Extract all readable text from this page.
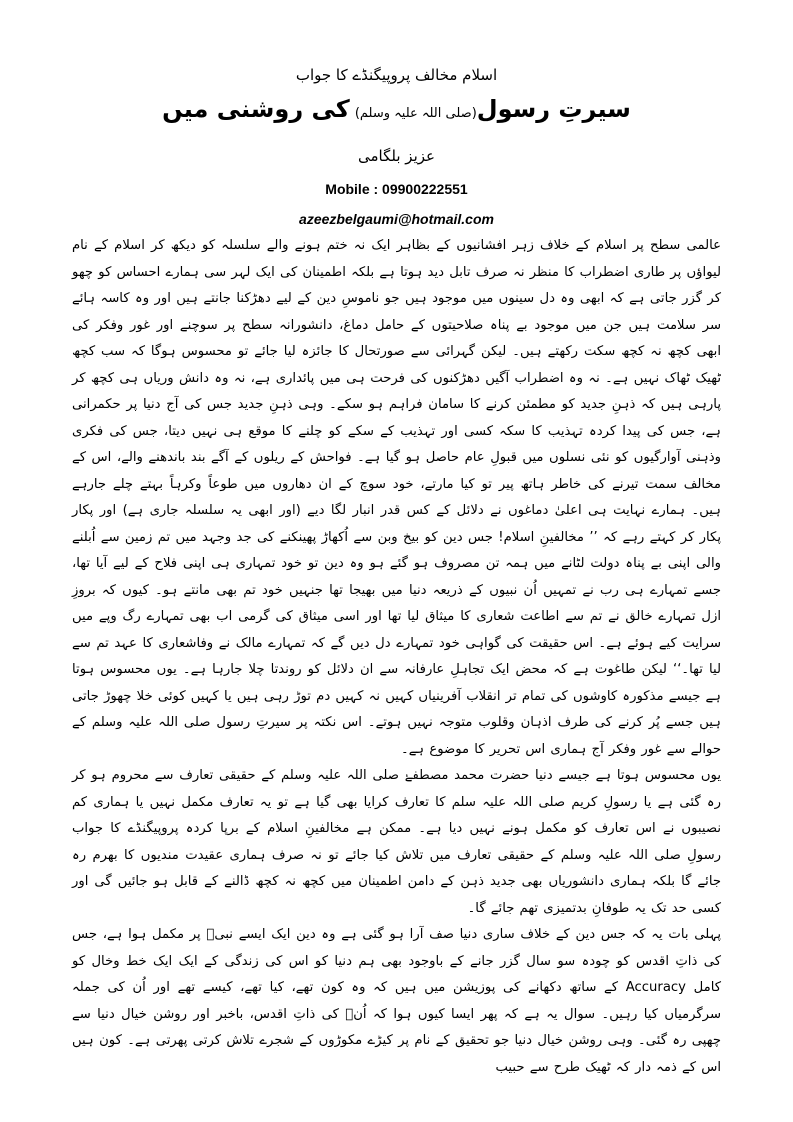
اسلام مخالف پروپیگنڈے کا جواب
سیرتِ رسول(صلی اللہ علیہ وسلم) کی روشنی میں
عزیز بلگامی
Mobile : 09900222551
azeezbelgaumi@hotmail.com

عالمی سطح پر اسلام کے خلاف زہر افشانیوں کے بظاہر ایک نہ ختم ہونے والے سلسلہ کو دیکھ کر اسلام کے نام لیواؤں پر طاری اضطراب کا منظر نہ صرف تابل دید ہوتا ہے بلکہ اطمینان کی ایک لہر سی ہمارے احساس کو چھو کر گزر جاتی ہے کہ ابھی وہ دل سینوں میں موجود ہیں جو ناموسِ دین کے لیے دھڑکنا جانتے ہیں اور وہ کاسہ ہائے سر سلامت ہیں جن میں موجود بے پناہ صلاحیتوں کے حامل دماغ، دانشورانہ سطح پر سوچنے اور غور وفکر کی ابھی کچھ نہ کچھ سکت رکھتے ہیں۔ لیکن گہرائی سے صورتحال کا جائزہ لیا جائے تو محسوس ہوگا کہ سب کچھ ٹھیک ٹھاک نہیں ہے۔ نہ وہ اضطراب آگیں دھڑکنوں کی فرحت ہی میں پائداری ہے، نہ وہ دانش وریاں ہی کچھ کر پارہی ہیں کہ ذہنِ جدید کو مطمئن کرنے کا سامان فراہم ہو سکے۔ وہی ذہنِ جدید جس کی آج دنیا پر حکمرانی ہے، جس کی پیدا کردہ تہذیب کا سکہ کسی اور تہذیب کے سکے کو چلنے کا موقع ہی نہیں دیتا، جس کی فکری وذہنی آوارگیوں کو نئی نسلوں میں قبولِ عام حاصل ہو گیا ہے۔ فواحش کے ریلوں کے آگے بند باندھنے والے، اس کے مخالف سمت تیرنے کی خاطر ہاتھ پیر تو کیا مارتے، خود سوچ کے ان دھاروں میں طوعاً وکرہاً بہتے چلے جارہے ہیں۔ ہمارے نہایت ہی اعلیٰ دماغوں نے دلائل کے کس قدر انبار لگا دیے (اور ابھی یہ سلسلہ جاری ہے) اور پکار پکار کر کہتے رہے کہ ’’ مخالفینِ اسلام! جس دین کو بیخ وبن سے اُکھاڑ پھینکنے کی جد وجہد میں تم زمین سے اُبلنے والی اپنی بے پناہ دولت لٹانے میں ہمہ تن مصروف ہو گئے ہو وہ دین تو خود تمہاری ہی اپنی فلاح کے لیے آیا تھا، جسے تمہارے ہی رب نے تمہیں اُن نبیوں کے ذریعہ دنیا میں بھیجا تھا جنہیں خود تم بھی مانتے ہو۔ کیوں کہ بروزِ ازل تمہارے خالق نے تم سے اطاعت شعاری کا میثاق لیا تھا اور اسی میثاق کی گرمی اب بھی تمہارے رگ وپے میں سرایت کیے ہوئے ہے۔ اس حقیقت کی گواہی خود تمہارے دل دیں گے کہ تمہارے مالک نے وفاشعاری کا عہد تم سے لیا تھا۔‘‘ لیکن طاغوت ہے کہ محض ایک تجاہلِ عارفانہ سے ان دلائل کو روندتا چلا جارہا ہے۔ یوں محسوس ہوتا ہے جیسے مذکورہ کاوشوں کی تمام تر انقلاب آفرینیاں کہیں نہ کہیں دم توڑ رہی ہیں یا کہیں کوئی خلا چھوڑ جاتی ہیں جسے پُر کرنے کی طرف اذہان وقلوب متوجہ نہیں ہوتے۔ اس نکتہ پر سیرتِ رسول صلی اللہ علیہ وسلم کے حوالے سے غور وفکر آج ہماری اس تحریر کا موضوع ہے۔

یوں محسوس ہوتا ہے جیسے دنیا حضرت محمد مصطفےٰ صلی اللہ علیہ وسلم کے حقیقی تعارف سے محروم ہو کر رہ گئی ہے یا رسولِ کریم صلی اللہ علیہ سلم کا تعارف کرایا بھی گیا ہے تو یہ تعارف مکمل نہیں یا ہماری کم نصیبوں نے اس تعارف کو مکمل ہونے نہیں دیا ہے۔ ممکن ہے مخالفینِ اسلام کے برپا کردہ پروپیگنڈے کا جواب رسولِ صلی اللہ علیہ وسلم کے حقیقی تعارف میں تلاش کیا جائے تو نہ صرف ہماری عقیدت مندیوں کا بھرم رہ جائے گا بلکہ ہماری دانشوریاں بھی جدید ذہن کے دامن اطمینان میں کچھ نہ کچھ ڈالنے کے قابل ہو جائیں گی اور کسی حد تک یہ طوفانِ بدتمیزی تھم جائے گا۔

پہلی بات یہ کہ جس دین کے خلاف ساری دنیا صف آرا ہو گئی ہے وہ دین ایک ایسے نبیؐ پر مکمل ہوا ہے، جس کی ذاتِ اقدس کو چودہ سو سال گزر جانے کے باوجود بھی ہم دنیا کو اس کی زندگی کے ایک ایک خط وخال کو کامل Accuracy کے ساتھ دکھانے کی پوزیشن میں ہیں کہ وہ کون تھے، کیا تھے، کیسے تھے اور اُن کی جملہ سرگرمیاں کیا رہیں۔ سوال یہ ہے کہ پھر ایسا کیوں ہوا کہ اُنؐ کی ذاتِ اقدس، باخبر اور روشن خیال دنیا سے چھپی رہ گئی۔ وہی روشن خیال دنیا جو تحقیق کے نام پر کیڑے مکوڑوں کے شجرے تلاش کرتی پھرتی ہے۔ کون ہیں اس کے ذمہ دار کہ ٹھیک طرح سے حبیب
